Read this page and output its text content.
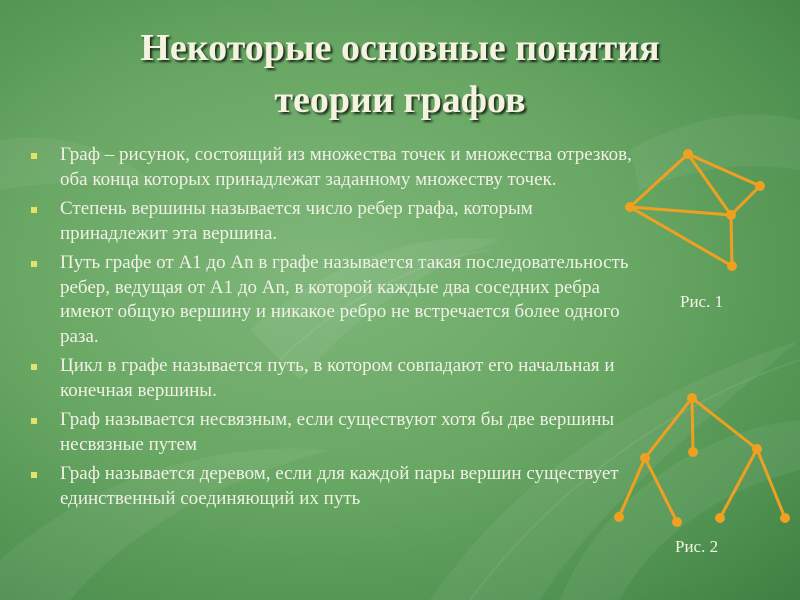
Некоторые основные понятия
теории графов
Граф – рисунок, состоящий из множества точек и множества отрезков, оба конца которых принадлежат заданному множеству точек.
Степень вершины называется число ребер графа, которым принадлежит эта вершина.
Путь графе от A1 до An в графе называется такая последовательность ребер, ведущая от A1 до An, в которой каждые два соседних ребра имеют общую вершину и никакое ребро не встречается более одного раза.
Цикл в графе называется путь, в котором совпадают его начальная и конечная вершины.
Граф называется несвязным, если существуют хотя бы две вершины несвязные путем
Граф называется деревом, если для каждой пары вершин существует единственный соединяющий их путь
Рис. 1
Рис. 2
